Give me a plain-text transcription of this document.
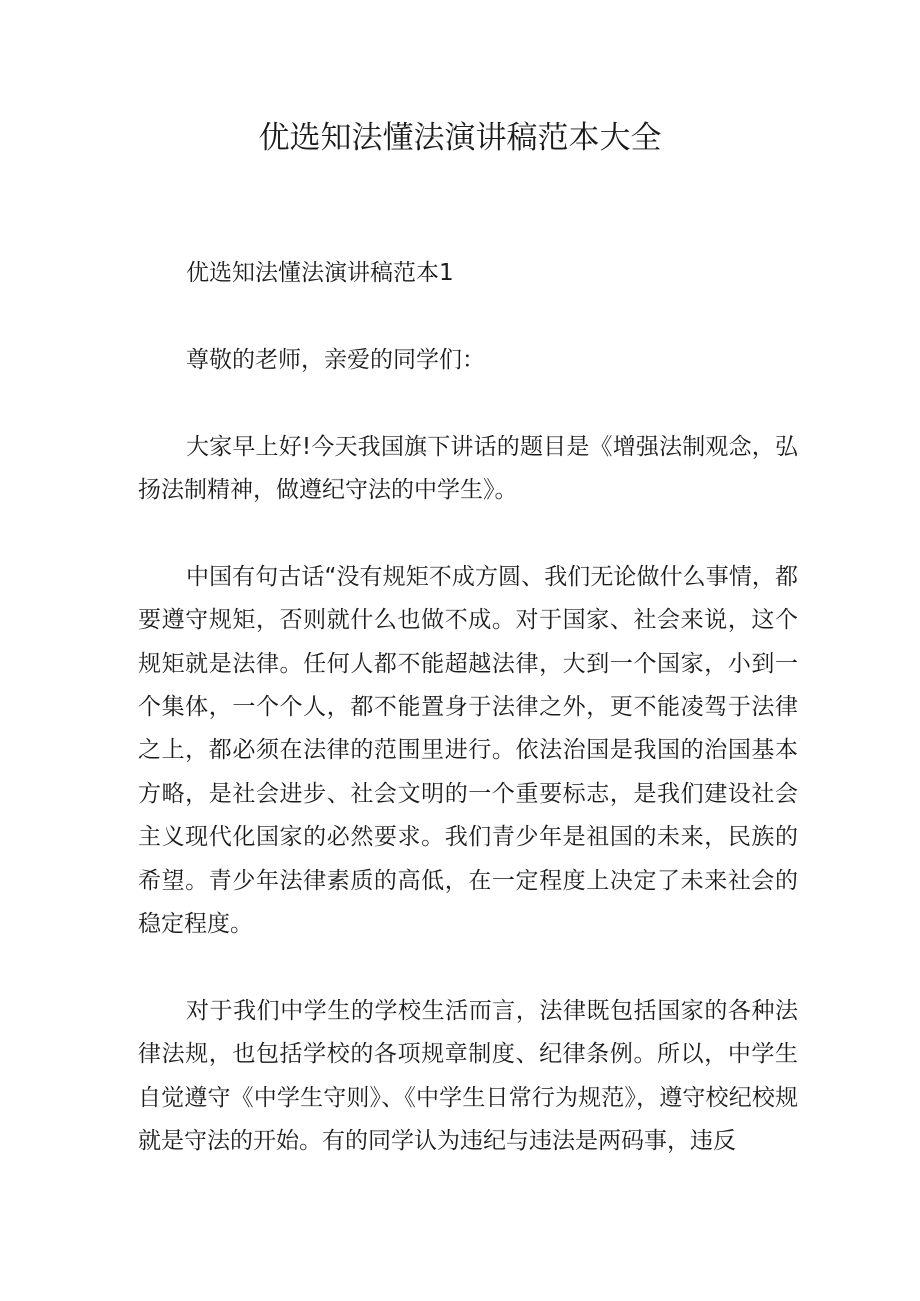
优选知法懂法演讲稿范本大全

优选知法懂法演讲稿范本1

尊敬的老师，亲爱的同学们：

大家早上好!今天我国旗下讲话的题目是《增强法制观念，弘扬法制精神，做遵纪守法的中学生》。

中国有句古话“没有规矩不成方圆、我们无论做什么事情，都要遵守规矩，否则就什么也做不成。对于国家、社会来说，这个规矩就是法律。任何人都不能超越法律，大到一个国家，小到一个集体，一个个人，都不能置身于法律之外，更不能凌驾于法律之上，都必须在法律的范围里进行。依法治国是我国的治国基本方略，是社会进步、社会文明的一个重要标志，是我们建设社会主义现代化国家的必然要求。我们青少年是祖国的未来，民族的希望。青少年法律素质的高低，在一定程度上决定了未来社会的稳定程度。

对于我们中学生的学校生活而言，法律既包括国家的各种法律法规，也包括学校的各项规章制度、纪律条例。所以，中学生自觉遵守《中学生守则》、《中学生日常行为规范》，遵守校纪校规就是守法的开始。有的同学认为违纪与违法是两码事，违反
